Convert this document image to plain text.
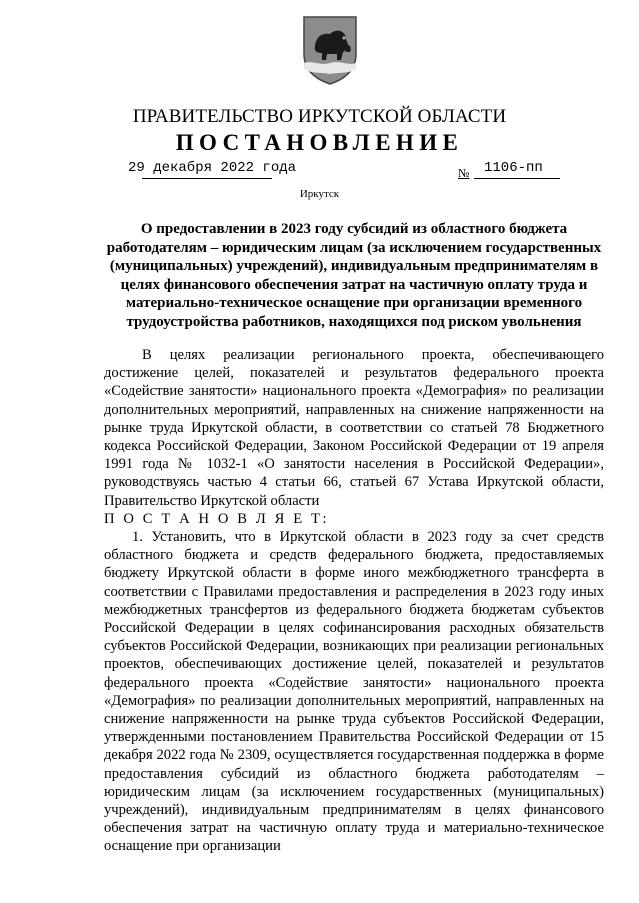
ПРАВИТЕЛЬСТВО ИРКУТСКОЙ ОБЛАСТИ
ПОСТАНОВЛЕНИЕ
29 декабря 2022 года	№ 1106-пп
Иркутск
О предоставлении в 2023 году субсидий из областного бюджета работодателям – юридическим лицам (за исключением государственных (муниципальных) учреждений), индивидуальным предпринимателям в целях финансового обеспечения затрат на частичную оплату труда и материально-техническое оснащение при организации временного трудоустройства работников, находящихся под риском увольнения

В целях реализации регионального проекта, обеспечивающего достижение целей, показателей и результатов федерального проекта «Содействие занятости» национального проекта «Демография» по реализации дополнительных мероприятий, направленных на снижение напряженности на рынке труда Иркутской области, в соответствии со статьей 78 Бюджетного кодекса Российской Федерации, Законом Российской Федерации от 19 апреля 1991 года № 1032-1 «О занятости населения в Российской Федерации», руководствуясь частью 4 статьи 66, статьей 67 Устава Иркутской области, Правительство Иркутской области

П О С Т А Н О В Л Я Е Т:

1. Установить, что в Иркутской области в 2023 году за счет средств областного бюджета и средств федерального бюджета, предоставляемых бюджету Иркутской области в форме иного межбюджетного трансферта в соответствии с Правилами предоставления и распределения в 2023 году иных межбюджетных трансфертов из федерального бюджета бюджетам субъектов Российской Федерации в целях софинансирования расходных обязательств субъектов Российской Федерации, возникающих при реализации региональных проектов, обеспечивающих достижение целей, показателей и результатов федерального проекта «Содействие занятости» национального проекта «Демография» по реализации дополнительных мероприятий, направленных на снижение напряженности на рынке труда субъектов Российской Федерации, утвержденными постановлением Правительства Российской Федерации от 15 декабря 2022 года № 2309, осуществляется государственная поддержка в форме предоставления субсидий из областного бюджета работодателям – юридическим лицам (за исключением государственных (муниципальных) учреждений), индивидуальным предпринимателям в целях финансового обеспечения затрат на частичную оплату труда и материально-техническое оснащение при организации
